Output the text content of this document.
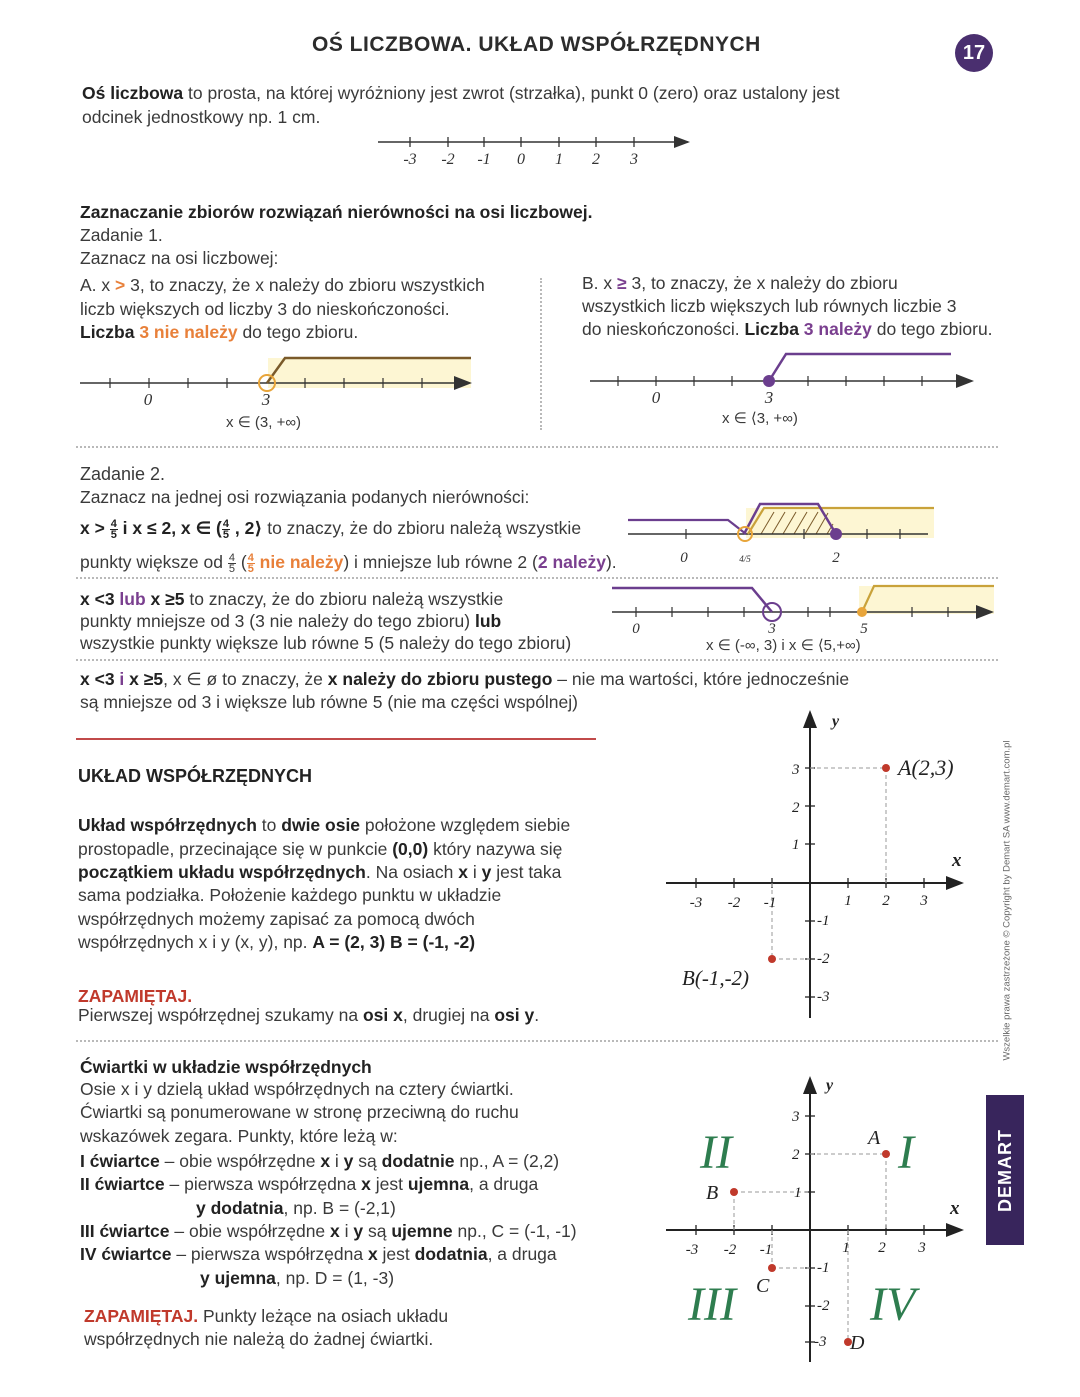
OŚ LICZBOWA. UKŁAD WSPÓŁRZĘDNYCH	17
Oś liczbowa to prosta, na której wyróżniony jest zwrot (strzałka), punkt 0 (zero) oraz ustalony jest
odcinek jednostkowy np. 1 cm.
-3 -2 -1 0 1 2 3
Zaznaczanie zbiorów rozwiązań nierówności na osi liczbowej.
Zadanie 1.
Zaznacz na osi liczbowej:
A. x > 3, to znaczy, że x należy do zbioru wszystkich
liczb większych od liczby 3 do nieskończoności.
Liczba 3 nie należy do tego zbioru.
B. x ≥ 3, to znaczy, że x należy do zbioru
wszystkich liczb większych lub równych liczbie 3
do nieskończoności. Liczba 3 należy do tego zbioru.
0	3
x ∈ (3, +∞)
0	3
x ∈ ⟨3, +∞)
Zadanie 2.
Zaznacz na jednej osi rozwiązania podanych nierówności:
$x > \frac{4}{5}$ i x ≤ 2, x ∈ ( $\frac{4}{5}$ , 2⟩ to znaczy, że do zbioru należą wszystkie
punkty większe od $\frac{4}{5}$ ( $\frac{4}{5}$ nie należy) i mniejsze lub równe 2 (2 należy).	0	4/5	2
x <3 lub x ≥5 to znaczy, że do zbioru należą wszystkie
punkty mniejsze od 3 (3 nie należy do tego zbioru) lub
wszystkie punkty większe lub równe 5 (5 należy do tego zbioru)
0	3	5
x ∈ (-∞, 3) i x ∈ ⟨5,+∞)
x <3 i x ≥5, x ∈ ø to znaczy, że x należy do zbioru pustego – nie ma wartości, które jednocześnie
są mniejsze od 3 i większe lub równe 5 (nie ma części wspólnej)
UKŁAD WSPÓŁRZĘDNYCH
Układ współrzędnych to dwie osie położone względem siebie
prostopadle, przecinające się w punkcie (0,0) który nazywa się
początkiem układu współrzędnych. Na osiach x i y jest taka
sama podziałka. Położenie każdego punktu w układzie
współrzędnych możemy zapisać za pomocą dwóch
współrzędnych x i y (x, y), np. A = (2, 3) B = (-1, -2)
ZAPAMIĘTAJ.
Pierwszej współrzędnej szukamy na osi x, drugiej na osi y.
y
x
A(2,3)
B(-1,-2)
-3 -2 -1	1 2 3
3
2
1
-1
-2
-3
Ćwiartki w układzie współrzędnych
Osie x i y dzielą układ współrzędnych na cztery ćwiartki.
Ćwiartki są ponumerowane w stronę przeciwną do ruchu
wskazówek zegara. Punkty, które leżą w:
I ćwiartce – obie współrzędne x i y są dodatnie np., A = (2,2)
II ćwiartce – pierwsza współrzędna x jest ujemna, a druga
y dodatnia, np. B = (-2,1)
III ćwiartce – obie współrzędne x i y są ujemne np., C = (-1, -1)
IV ćwiartce – pierwsza współrzędna x jest dodatnia, a druga
y ujemna, np. D = (1, -3)
ZAPAMIĘTAJ. Punkty leżące na osiach układu
współrzędnych nie należą do żadnej ćwiartki.
y
x
I
II
III	IV
A
B
C
D
-3 -2 -1	1 2 3
3
2
1
-1
-2
-3
Wszelkie prawa zastrzeżone © Copyright by Demart SA www.demart.com.pl
DEMART
